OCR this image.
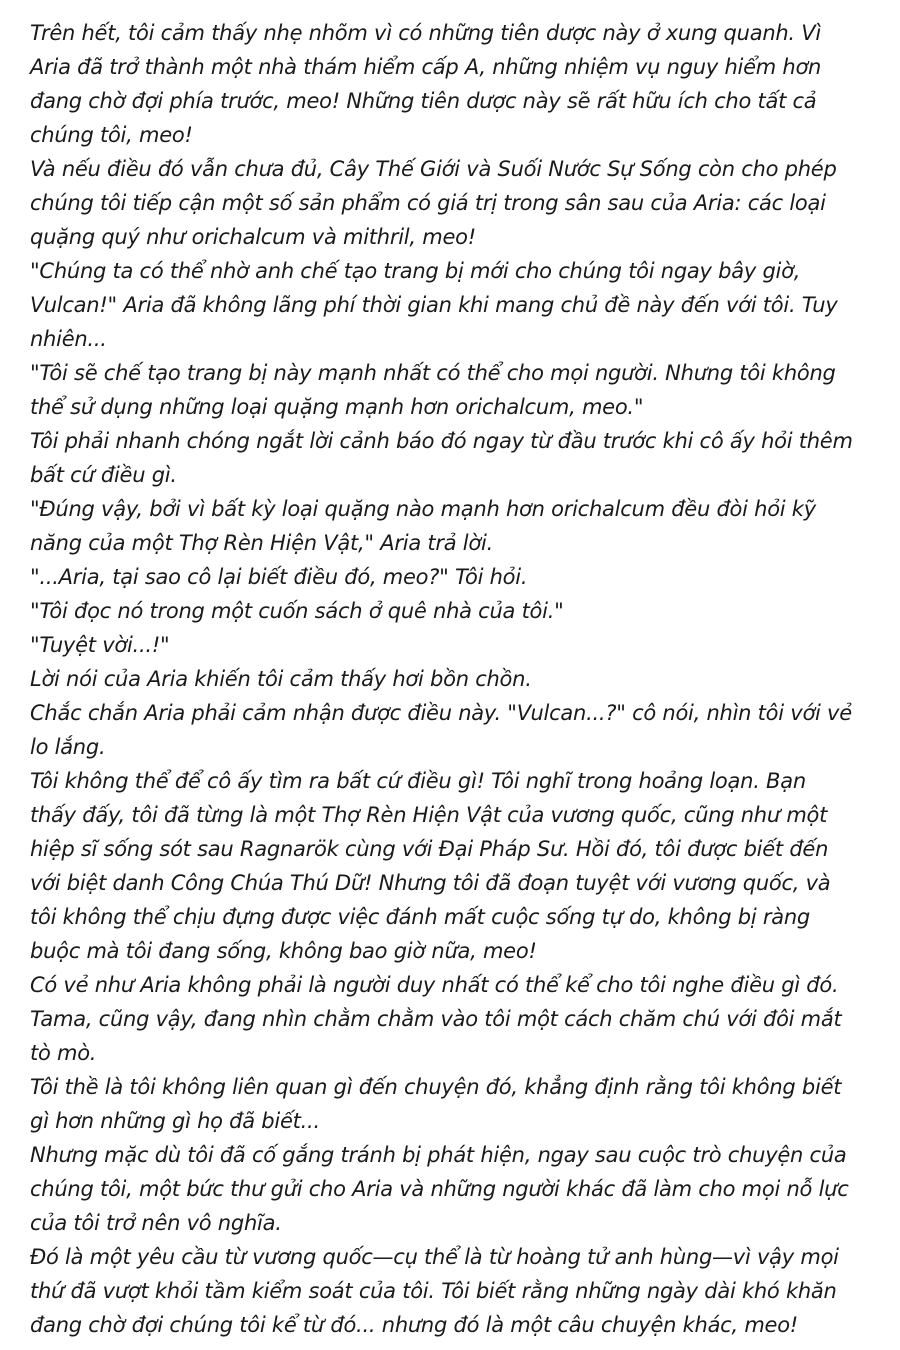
Trên hết, tôi cảm thấy nhẹ nhõm vì có những tiên dược này ở xung quanh. Vì
Aria đã trở thành một nhà thám hiểm cấp A, những nhiệm vụ nguy hiểm hơn
đang chờ đợi phía trước, meo! Những tiên dược này sẽ rất hữu ích cho tất cả
chúng tôi, meo!
Và nếu điều đó vẫn chưa đủ, Cây Thế Giới và Suối Nước Sự Sống còn cho phép
chúng tôi tiếp cận một số sản phẩm có giá trị trong sân sau của Aria: các loại
quặng quý như orichalcum và mithril, meo!
"Chúng ta có thể nhờ anh chế tạo trang bị mới cho chúng tôi ngay bây giờ,
Vulcan!" Aria đã không lãng phí thời gian khi mang chủ đề này đến với tôi. Tuy
nhiên...
"Tôi sẽ chế tạo trang bị này mạnh nhất có thể cho mọi người. Nhưng tôi không
thể sử dụng những loại quặng mạnh hơn orichalcum, meo."
Tôi phải nhanh chóng ngắt lời cảnh báo đó ngay từ đầu trước khi cô ấy hỏi thêm
bất cứ điều gì.
"Đúng vậy, bởi vì bất kỳ loại quặng nào mạnh hơn orichalcum đều đòi hỏi kỹ
năng của một Thợ Rèn Hiện Vật," Aria trả lời.
"...Aria, tại sao cô lại biết điều đó, meo?" Tôi hỏi.
"Tôi đọc nó trong một cuốn sách ở quê nhà của tôi."
"Tuyệt vời...!"
Lời nói của Aria khiến tôi cảm thấy hơi bồn chồn.
Chắc chắn Aria phải cảm nhận được điều này. "Vulcan...?" cô nói, nhìn tôi với vẻ
lo lắng.
Tôi không thể để cô ấy tìm ra bất cứ điều gì! Tôi nghĩ trong hoảng loạn. Bạn
thấy đấy, tôi đã từng là một Thợ Rèn Hiện Vật của vương quốc, cũng như một
hiệp sĩ sống sót sau Ragnarök cùng với Đại Pháp Sư. Hồi đó, tôi được biết đến
với biệt danh Công Chúa Thú Dữ! Nhưng tôi đã đoạn tuyệt với vương quốc, và
tôi không thể chịu đựng được việc đánh mất cuộc sống tự do, không bị ràng
buộc mà tôi đang sống, không bao giờ nữa, meo!
Có vẻ như Aria không phải là người duy nhất có thể kể cho tôi nghe điều gì đó.
Tama, cũng vậy, đang nhìn chằm chằm vào tôi một cách chăm chú với đôi mắt
tò mò.
Tôi thề là tôi không liên quan gì đến chuyện đó, khẳng định rằng tôi không biết
gì hơn những gì họ đã biết...
Nhưng mặc dù tôi đã cố gắng tránh bị phát hiện, ngay sau cuộc trò chuyện của
chúng tôi, một bức thư gửi cho Aria và những người khác đã làm cho mọi nỗ lực
của tôi trở nên vô nghĩa.
Đó là một yêu cầu từ vương quốc—cụ thể là từ hoàng tử anh hùng—vì vậy mọi
thứ đã vượt khỏi tầm kiểm soát của tôi. Tôi biết rằng những ngày dài khó khăn
đang chờ đợi chúng tôi kể từ đó... nhưng đó là một câu chuyện khác, meo!
